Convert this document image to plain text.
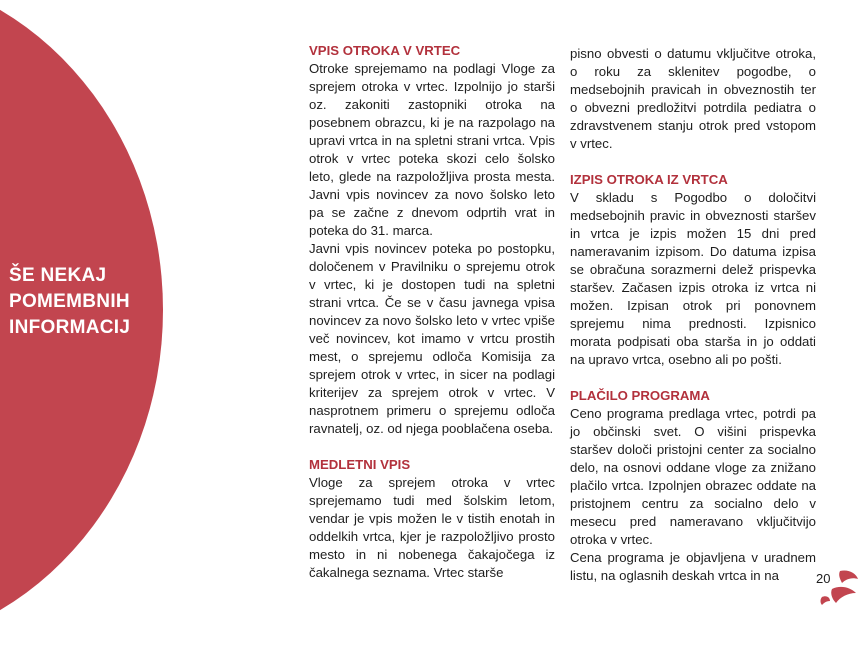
ŠE NEKAJ POMEMBNIH INFORMACIJ
VPIS OTROKA V VRTEC

Otroke sprejemamo na podlagi Vloge za sprejem otroka v vrtec. Izpolnijo jo starši oz. zakoniti zastopniki otroka na posebnem obrazcu, ki je na razpolago na upravi vrtca in na spletni strani vrtca. Vpis otrok v vrtec poteka skozi celo šolsko leto, glede na razpoložljiva prosta mesta. Javni vpis novincev za novo šolsko leto pa se začne z dnevom odprtih vrat in poteka do 31. marca.

Javni vpis novincev poteka po postopku, določenem v Pravilniku o sprejemu otrok v vrtec, ki je dostopen tudi na spletni strani vrtca. Če se v času javnega vpisa novincev za novo šolsko leto v vrtec vpiše več novincev, kot imamo v vrtcu prostih mest, o sprejemu odloča Komisija za sprejem otrok v vrtec, in sicer na podlagi kriterijev za sprejem otrok v vrtec. V nasprotnem primeru o sprejemu odloča ravnatelj, oz. od njega pooblačena oseba.

MEDLETNI VPIS

Vloge za sprejem otroka v vrtec sprejemamo tudi med šolskim letom, vendar je vpis možen le v tistih enotah in oddelkih vrtca, kjer je razpoložljivo prosto mesto in ni nobenega čakajočega iz čakalnega seznama. Vrtec starše

pisno obvesti o datumu vključitve otroka, o roku za sklenitev pogodbe, o medsebojnih pravicah in obveznostih ter o obvezni predložitvi potrdila pediatra o zdravstvenem stanju otrok pred vstopom v vrtec.

IZPIS OTROKA IZ VRTCA

V skladu s Pogodbo o določitvi medsebojnih pravic in obveznosti staršev in vrtca je izpis možen 15 dni pred nameravanim izpisom. Do datuma izpisa se obračuna sorazmerni delež prispevka staršev. Začasen izpis otroka iz vrtca ni možen. Izpisan otrok pri ponovnem sprejemu nima prednosti. Izpisnico morata podpisati oba starša in jo oddati na upravo vrtca, osebno ali po pošti.

PLAČILO PROGRAMA

Ceno programa predlaga vrtec, potrdi pa jo občinski svet. O višini prispevka staršev določi pristojni center za socialno delo, na osnovi oddane vloge za znižano plačilo vrtca. Izpolnjen obrazec oddate na pristojnem centru za socialno delo v mesecu pred nameravano vključitvijo otroka v vrtec.

Cena programa je objavljena v uradnem listu, na oglasnih deskah vrtca in na	20
